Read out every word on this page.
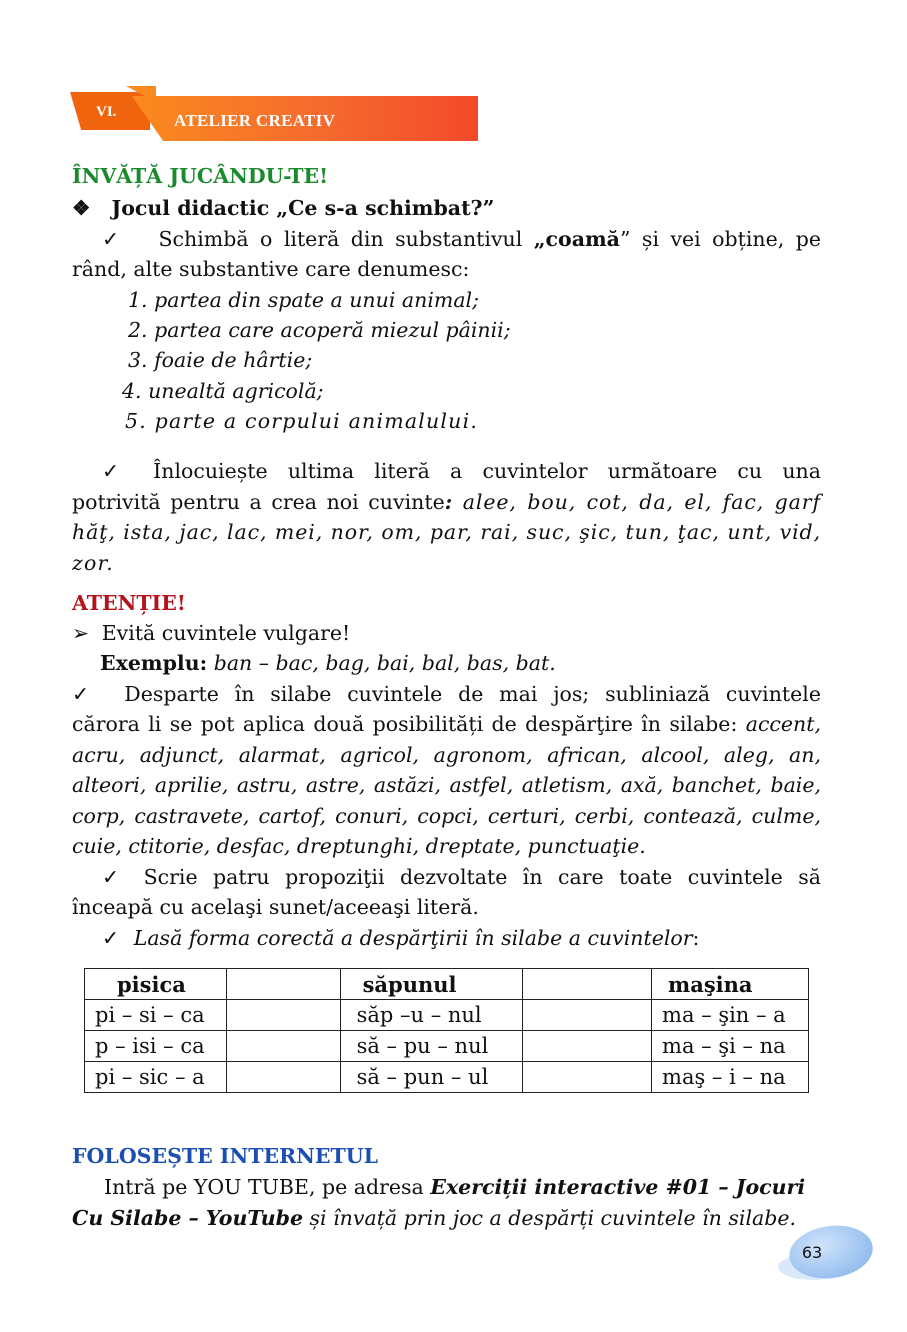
VI.	ATELIER CREATIV
ÎNVĂȚĂ JUCÂNDU-TE!
❖ Jocul didactic „Ce s-a schimbat?”
✓ Schimbă o literă din substantivul „coamă” și vei obține, pe
rând, alte substantive care denumesc:
1. partea din spate a unui animal;
2. partea care acoperă miezul pâinii;
3. foaie de hârtie;
4. unealtă agricolă;
5. parte a corpului animalului.
✓ Înlocuiește ultima literă a cuvintelor următoare cu una
potrivită pentru a crea noi cuvinte: alee, bou, cot, da, el, fac, garf
hăţ, ista, jac, lac, mei, nor, om, par, rai, suc, şic, tun, ţac, unt, vid,
zor.
ATENȚIE!
➢ Evită cuvintele vulgare!
Exemplu: ban – bac, bag, bai, bal, bas, bat.
✓ Desparte în silabe cuvintele de mai jos; subliniază cuvintele
cărora li se pot aplica două posibilități de despărţire în silabe: accent,
acru, adjunct, alarmat, agricol, agronom, african, alcool, aleg, an,
alteori, aprilie, astru, astre, astăzi, astfel, atletism, axă, banchet, baie,
corp, castravete, cartof, conuri, copci, certuri, cerbi, contează, culme,
cuie, ctitorie, desfac, dreptunghi, dreptate, punctuaţie.
✓ Scrie patru propoziţii dezvoltate în care toate cuvintele să
înceapă cu acelaşi sunet/aceeaşi literă.
✓ Lasă forma corectă a despărţirii în silabe a cuvintelor:
pisica		săpunul		maşina
pi – si – ca		săp –u – nul		ma – şin – a
p – isi – ca		să – pu – nul		ma – şi – na
pi – sic – a		să – pun – ul		maş – i – na
FOLOSEȘTE INTERNETUL
Intră pe YOU TUBE, pe adresa Exerciții interactive #01 – Jocuri
Cu Silabe – YouTube și învață prin joc a despărți cuvintele în silabe.
63
